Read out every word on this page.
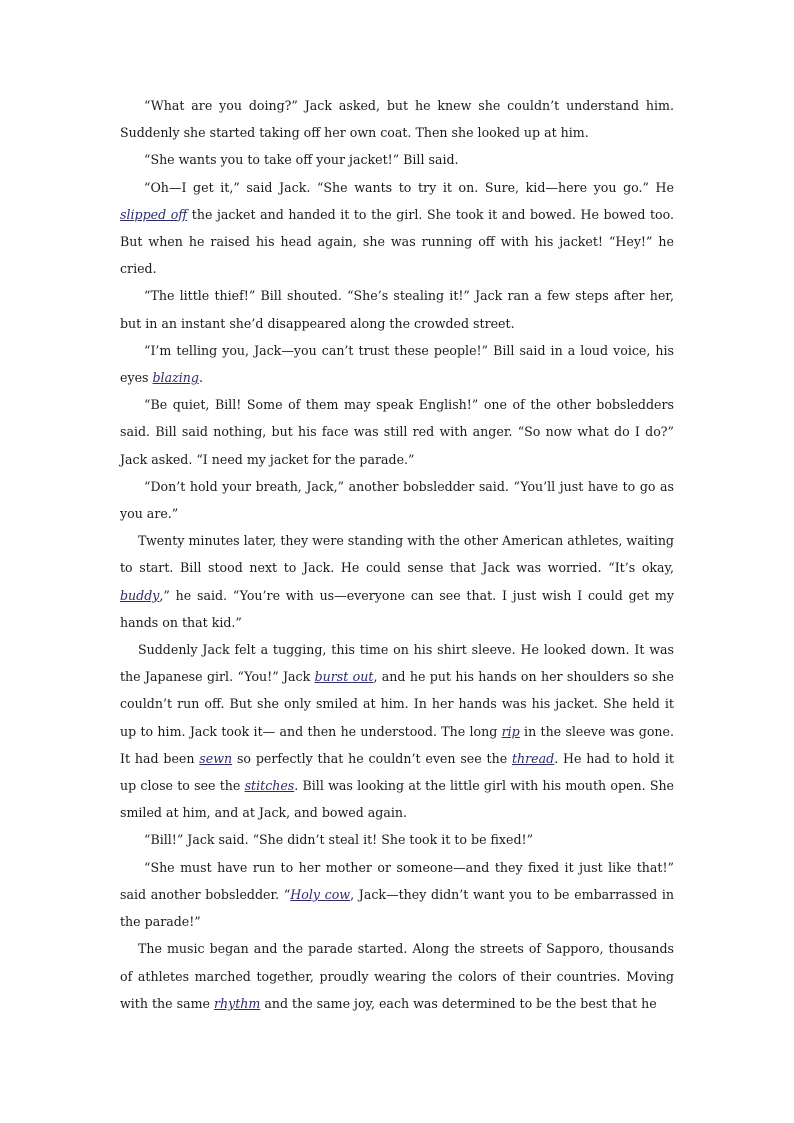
“What are you doing?” Jack asked, but he knew she couldn’t understand him. Suddenly she started taking off her own coat. Then she looked up at him.

“She wants you to take off your jacket!” Bill said.

“Oh—I get it,” said Jack. “She wants to try it on. Sure, kid—here you go.” He slipped off the jacket and handed it to the girl. She took it and bowed. He bowed too. But when he raised his head again, she was running off with his jacket! “Hey!” he cried.

“The little thief!” Bill shouted. “She’s stealing it!” Jack ran a few steps after her, but in an instant she’d disappeared along the crowded street.

“I’m telling you, Jack—you can’t trust these people!” Bill said in a loud voice, his eyes blazing.

“Be quiet, Bill! Some of them may speak English!” one of the other bobsledders said. Bill said nothing, but his face was still red with anger. “So now what do I do?” Jack asked. “I need my jacket for the parade.”

“Don’t hold your breath, Jack,” another bobsledder said. “You’ll just have to go as you are.”

Twenty minutes later, they were standing with the other American athletes, waiting to start. Bill stood next to Jack. He could sense that Jack was worried. “It’s okay, buddy,” he said. “You’re with us—everyone can see that. I just wish I could get my hands on that kid.”

Suddenly Jack felt a tugging, this time on his shirt sleeve. He looked down. It was the Japanese girl. “You!” Jack burst out, and he put his hands on her shoulders so she couldn’t run off. But she only smiled at him. In her hands was his jacket. She held it up to him. Jack took it— and then he understood. The long rip in the sleeve was gone. It had been sewn so perfectly that he couldn’t even see the thread. He had to hold it up close to see the stitches. Bill was looking at the little girl with his mouth open. She smiled at him, and at Jack, and bowed again.

“Bill!” Jack said. “She didn’t steal it! She took it to be fixed!”

“She must have run to her mother or someone—and they fixed it just like that!” said another bobsledder. “Holy cow, Jack—they didn’t want you to be embarrassed in the parade!”

The music began and the parade started. Along the streets of Sapporo, thousands of athletes marched together, proudly wearing the colors of their countries. Moving with the same rhythm and the same joy, each was determined to be the best that he
